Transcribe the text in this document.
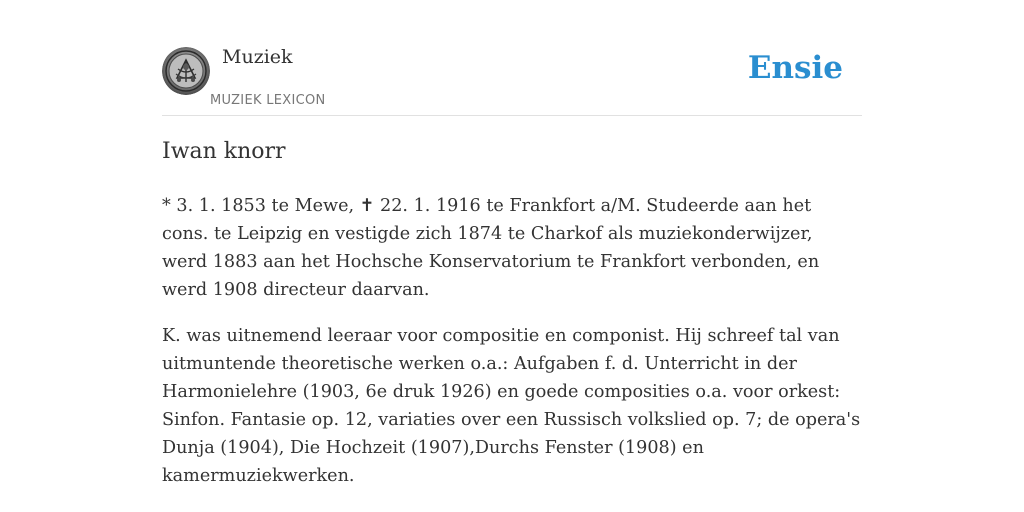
Muziek
MUZIEK LEXICON
Ensie
Iwan knorr

* 3. 1. 1853 te Mewe, ✝ 22. 1. 1916 te Frankfort a/M. Studeerde aan het cons. te Leipzig en vestigde zich 1874 te Charkof als muziekonderwijzer, werd 1883 aan het Hochsche Konservatorium te Frankfort verbonden, en werd 1908 directeur daarvan.

K. was uitnemend leeraar voor compositie en componist. Hij schreef tal van uitmuntende theoretische werken o.a.: Aufgaben f. d. Unterricht in der Harmonielehre (1903, 6e druk 1926) en goede composities o.a. voor orkest: Sinfon. Fantasie op. 12, variaties over een Russisch volkslied op. 7; de opera's Dunja (1904), Die Hochzeit (1907),Durchs Fenster (1908) en kamermuziekwerken.
